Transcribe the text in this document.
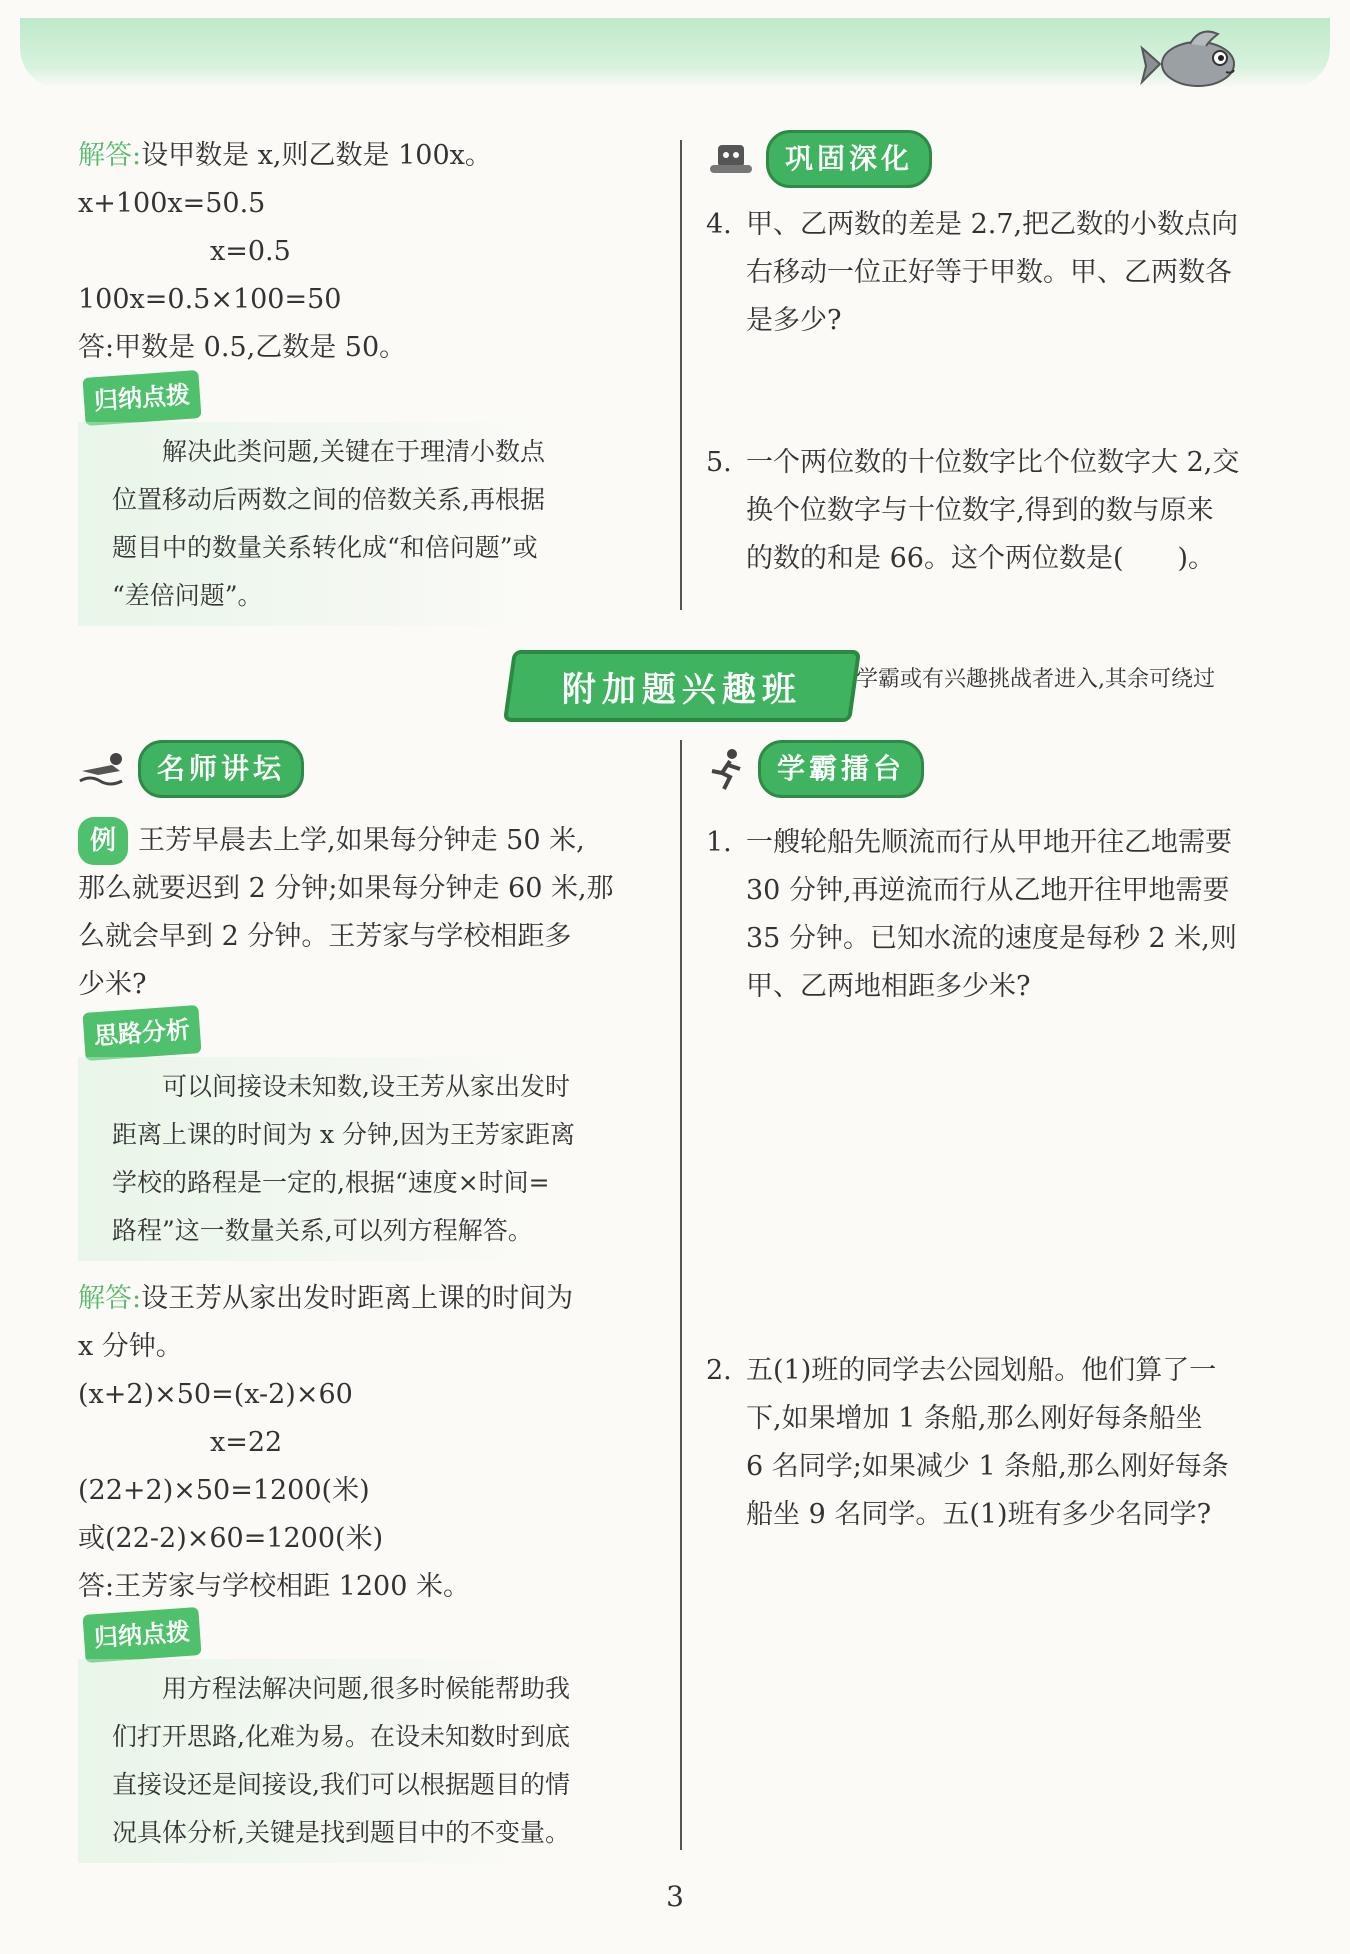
解答:设甲数是 x,则乙数是 100x。
x+100x=50.5
x=0.5
100x=0.5×100=50
答:甲数是 0.5,乙数是 50。
归纳点拨
解决此类问题,关键在于理清小数点
位置移动后两数之间的倍数关系,再根据
题目中的数量关系转化成“和倍问题”或
“差倍问题”。
巩固深化
4. 甲、乙两数的差是 2.7,把乙数的小数点向
右移动一位正好等于甲数。甲、乙两数各
是多少?
5. 一个两位数的十位数字比个位数字大 2,交
换个位数字与十位数字,得到的数与原来
的数的和是 66。这个两位数是(　　)。
附加题兴趣班 学霸或有兴趣挑战者进入,其余可绕过
名师讲坛
例 王芳早晨去上学,如果每分钟走 50 米,
那么就要迟到 2 分钟;如果每分钟走 60 米,那
么就会早到 2 分钟。王芳家与学校相距多
少米?
思路分析
可以间接设未知数,设王芳从家出发时
距离上课的时间为 x 分钟,因为王芳家距离
学校的路程是一定的,根据“速度×时间=
路程”这一数量关系,可以列方程解答。
解答:设王芳从家出发时距离上课的时间为
x 分钟。
(x+2)×50=(x-2)×60
x=22
(22+2)×50=1200(米)
或(22-2)×60=1200(米)
答:王芳家与学校相距 1200 米。
归纳点拨
用方程法解决问题,很多时候能帮助我
们打开思路,化难为易。在设未知数时到底
直接设还是间接设,我们可以根据题目的情
况具体分析,关键是找到题目中的不变量。
学霸擂台
1. 一艘轮船先顺流而行从甲地开往乙地需要
30 分钟,再逆流而行从乙地开往甲地需要
35 分钟。已知水流的速度是每秒 2 米,则
甲、乙两地相距多少米?
2. 五(1)班的同学去公园划船。他们算了一
下,如果增加 1 条船,那么刚好每条船坐
6 名同学;如果减少 1 条船,那么刚好每条
船坐 9 名同学。五(1)班有多少名同学?
3
